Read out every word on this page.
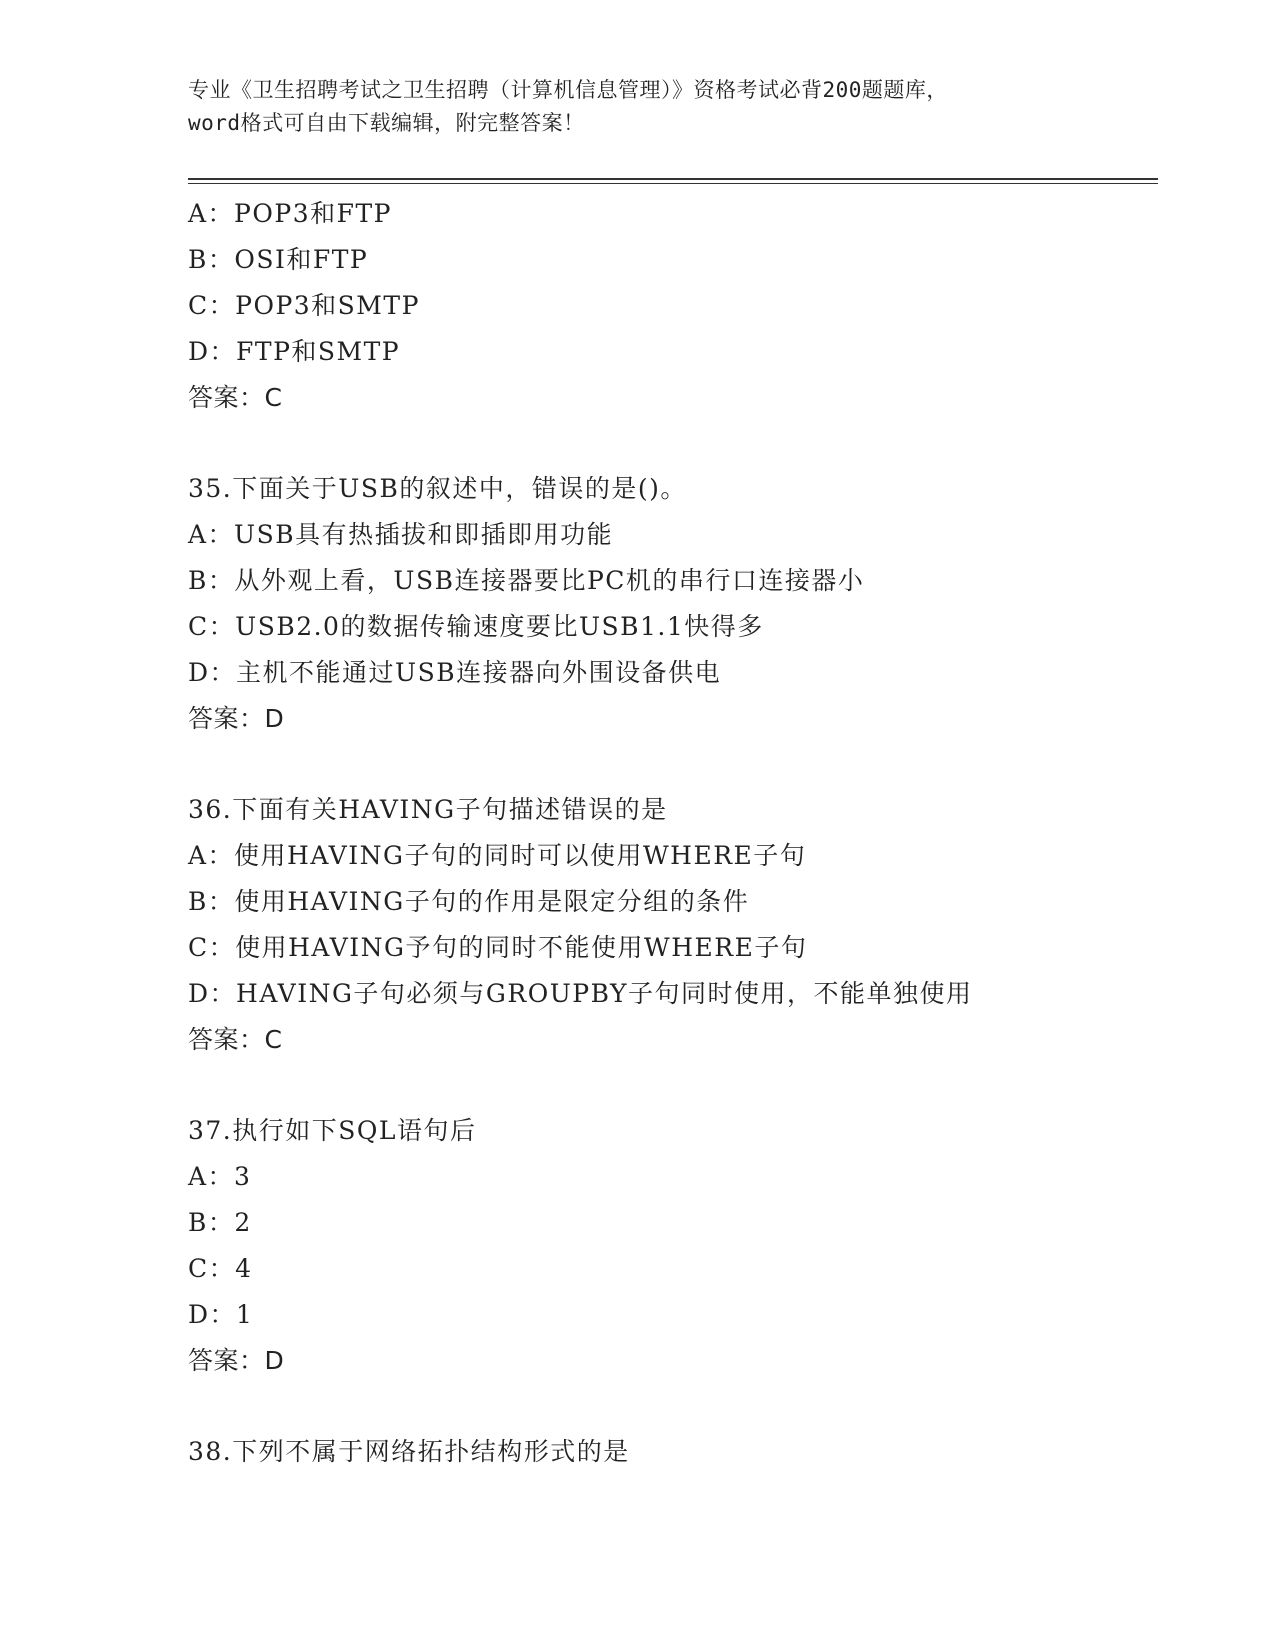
专业《卫生招聘考试之卫生招聘（计算机信息管理）》资格考试必背200题题库，
word格式可自由下载编辑，附完整答案！
A：POP3和FTP
B：OSI和FTP
C：POP3和SMTP
D：FTP和SMTP
答案：C
35.下面关于USB的叙述中，错误的是()。
A：USB具有热插拔和即插即用功能
B：从外观上看，USB连接器要比PC机的串行口连接器小
C：USB2.0的数据传输速度要比USB1.1快得多
D：主机不能通过USB连接器向外围设备供电
答案：D
36.下面有关HAVING子句描述错误的是
A：使用HAVING子句的同时可以使用WHERE子句
B：使用HAVING子句的作用是限定分组的条件
C：使用HAVING予句的同时不能使用WHERE子句
D：HAVING子句必须与GROUPBY子句同时使用，不能单独使用
答案：C
37.执行如下SQL语句后
A：3
B：2
C：4
D：1
答案：D
38.下列不属于网络拓扑结构形式的是
